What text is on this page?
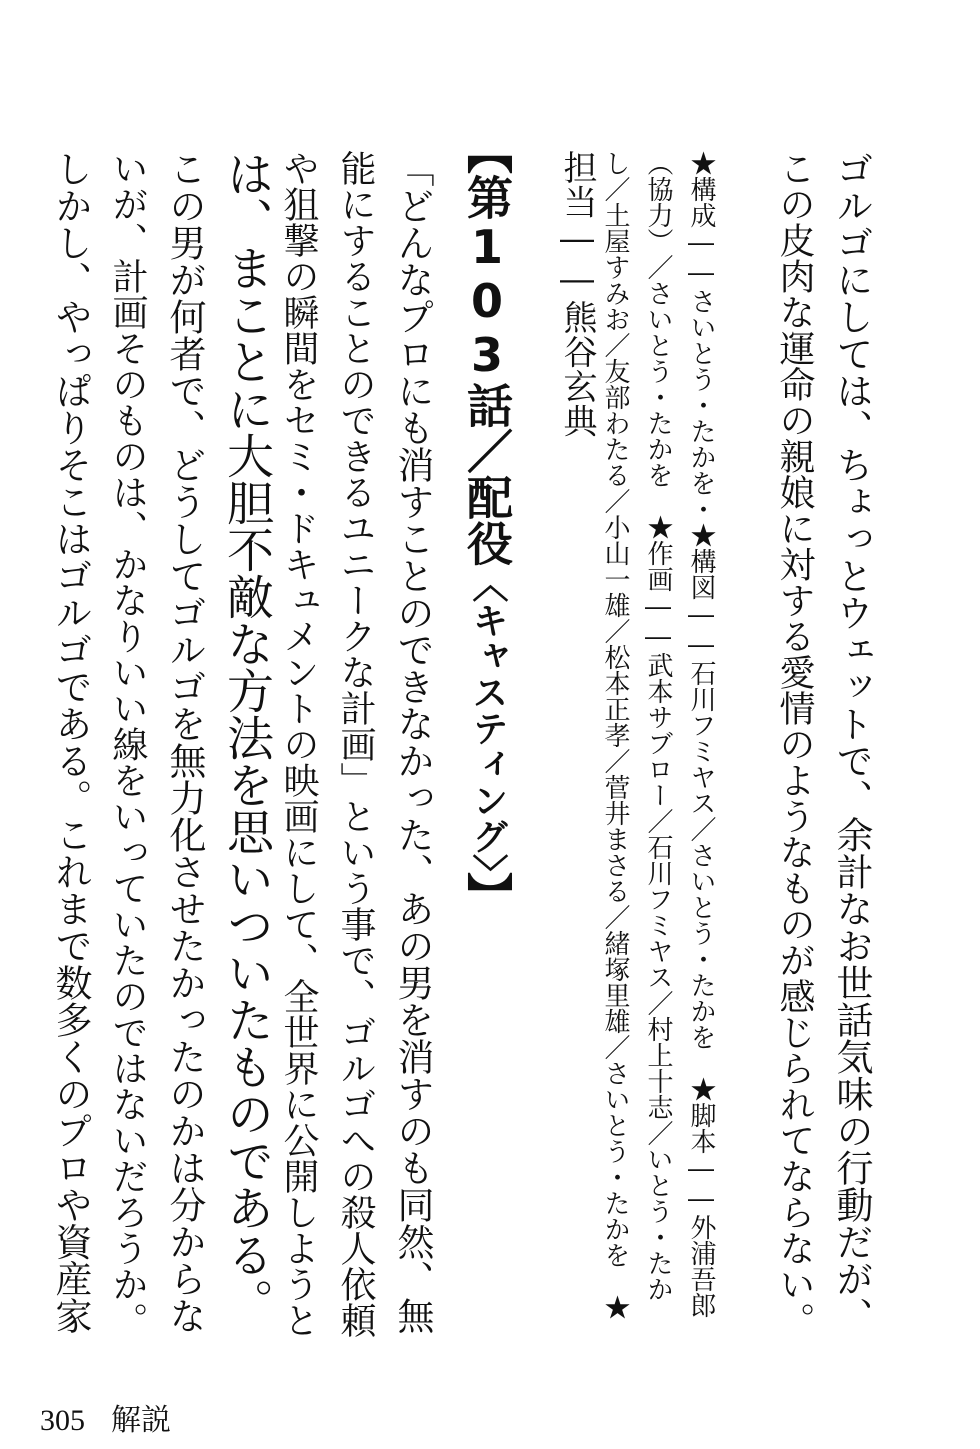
ゴルゴにしては、ちょっとウェットで、余計なお世話気味の行動だが、
この皮肉な運命の親娘に対する愛情のようなものが感じられてならない。
★構成――さいとう・たかを・★構図――石川フミヤス／さいとう・たかを　★脚本――外浦吾郎
（協力）／さいとう・たかを　★作画――武本サブロー／石川フミヤス／村上十志／いとう・たか
し／土屋すみお／友部わたる／小山一雄／松本正孝／菅井まさる／緒塚里雄／さいとう・たかを　★
担当――熊谷玄典
【第103話／配役〈キャスティング〉】
「どんなプロにも消すことのできなかった、あの男を消すのも同然、無
能にすることのできるユニークな計画」という事で、ゴルゴへの殺人依頼
や狙撃の瞬間をセミ・ドキュメントの映画にして、全世界に公開しようと
は、まことに大胆不敵な方法を思いついたものである。
この男が何者で、どうしてゴルゴを無力化させたかったのかは分からな
いが、計画そのものは、かなりいい線をいっていたのではないだろうか。
しかし、やっぱりそこはゴルゴである。これまで数多くのプロや資産家
305 解説
